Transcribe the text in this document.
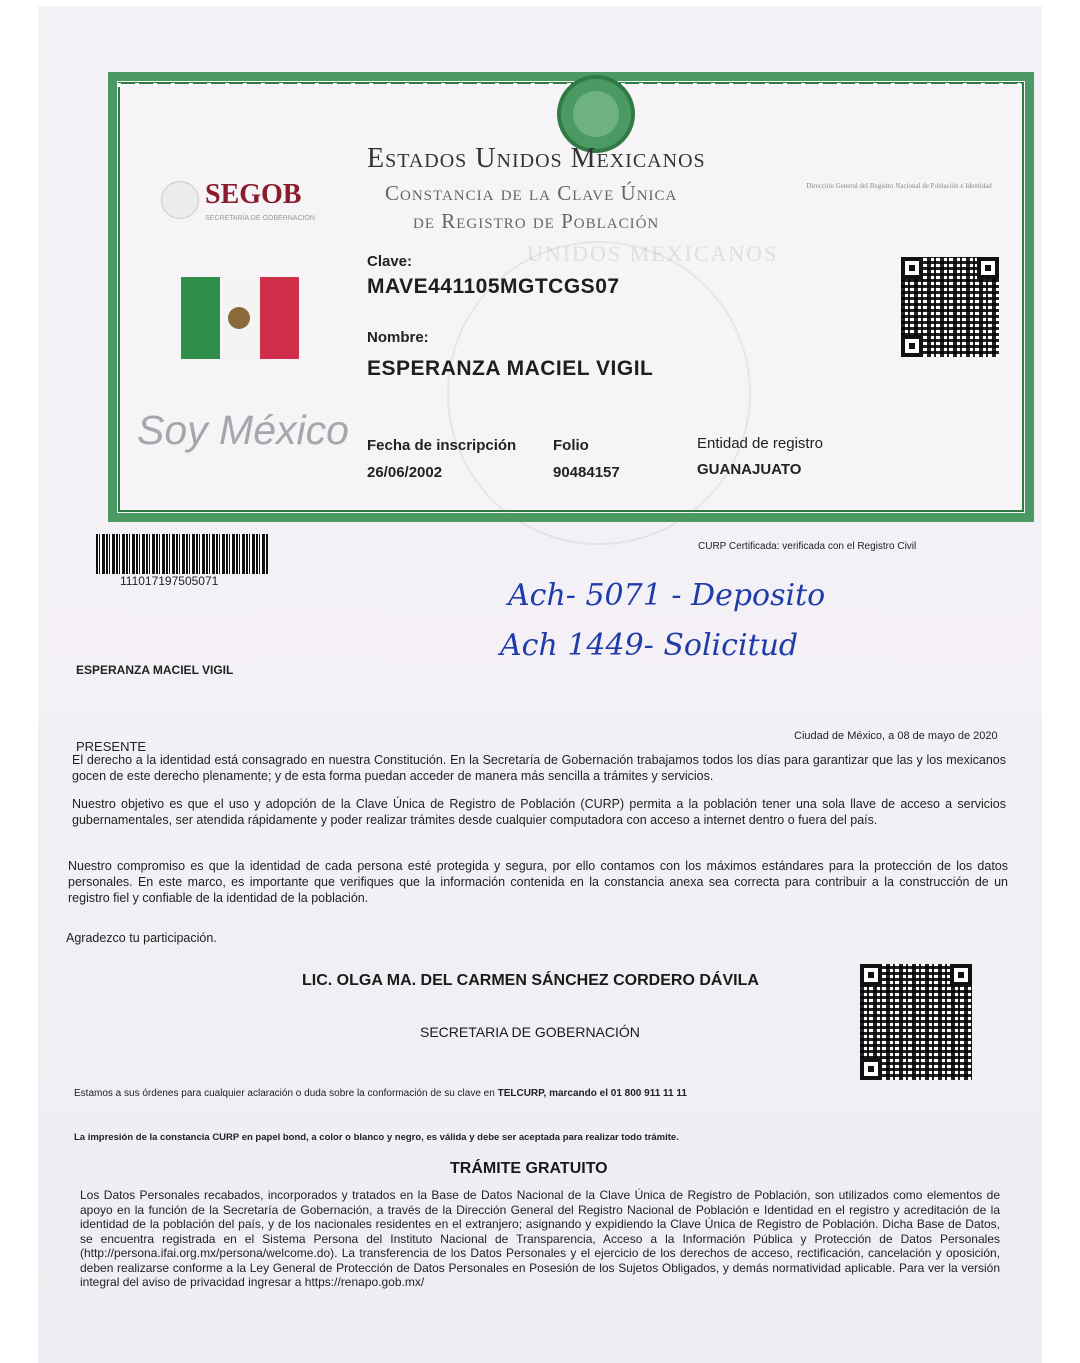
UNIDOS MEXICANOS
SEGOB
SECRETARÍA DE GOBERNACIÓN
Estados Unidos Mexicanos
Constancia de la Clave Única
de Registro de Población
Dirección General del Registro Nacional de Población e Identidad
Soy México
Clave:
MAVE441105MGTCGS07
Nombre:
ESPERANZA MACIEL VIGIL
Fecha de inscripción
26/06/2002
Folio
90484157
Entidad de registro
GUANAJUATO
111017197505071
CURP Certificada: verificada con el Registro Civil
Ach- 5071 - Deposito
Ach 1449- Solicitud
ESPERANZA MACIEL VIGIL
Ciudad de México, a 08 de mayo de 2020
PRESENTE
El derecho a la identidad está consagrado en nuestra Constitución. En la Secretaría de Gobernación trabajamos todos los días para garantizar que las y los mexicanos gocen de este derecho plenamente; y de esta forma puedan acceder de manera más sencilla a trámites y servicios.
Nuestro objetivo es que el uso y adopción de la Clave Única de Registro de Población (CURP) permita a la población tener una sola llave de acceso a servicios gubernamentales, ser atendida rápidamente y poder realizar trámites desde cualquier computadora con acceso a internet dentro o fuera del país.
Nuestro compromiso es que la identidad de cada persona esté protegida y segura, por ello contamos con los máximos estándares para la protección de los datos personales. En este marco, es importante que verifiques que la información contenida en la constancia anexa sea correcta para contribuir a la construcción de un registro fiel y confiable de la identidad de la población.
Agradezco tu participación.
LIC. OLGA MA. DEL CARMEN SÁNCHEZ CORDERO DÁVILA
SECRETARIA DE GOBERNACIÓN
Estamos a sus órdenes para cualquier aclaración o duda sobre la conformación de su clave en TELCURP, marcando el 01 800 911 11 11
La impresión de la constancia CURP en papel bond, a color o blanco y negro, es válida y debe ser aceptada para realizar todo trámite.
TRÁMITE GRATUITO
Los Datos Personales recabados, incorporados y tratados en la Base de Datos Nacional de la Clave Única de Registro de Población, son utilizados como elementos de apoyo en la función de la Secretaría de Gobernación, a través de la Dirección General del Registro Nacional de Población e Identidad en el registro y acreditación de la identidad de la población del país, y de los nacionales residentes en el extranjero; asignando y expidiendo la Clave Única de Registro de Población. Dicha Base de Datos, se encuentra registrada en el Sistema Persona del Instituto Nacional de Transparencia, Acceso a la Información Pública y Protección de Datos Personales (http://persona.ifai.org.mx/persona/welcome.do). La transferencia de los Datos Personales y el ejercicio de los derechos de acceso, rectificación, cancelación y oposición, deben realizarse conforme a la Ley General de Protección de Datos Personales en Posesión de los Sujetos Obligados, y demás normatividad aplicable. Para ver la versión integral del aviso de privacidad ingresar a https://renapo.gob.mx/
